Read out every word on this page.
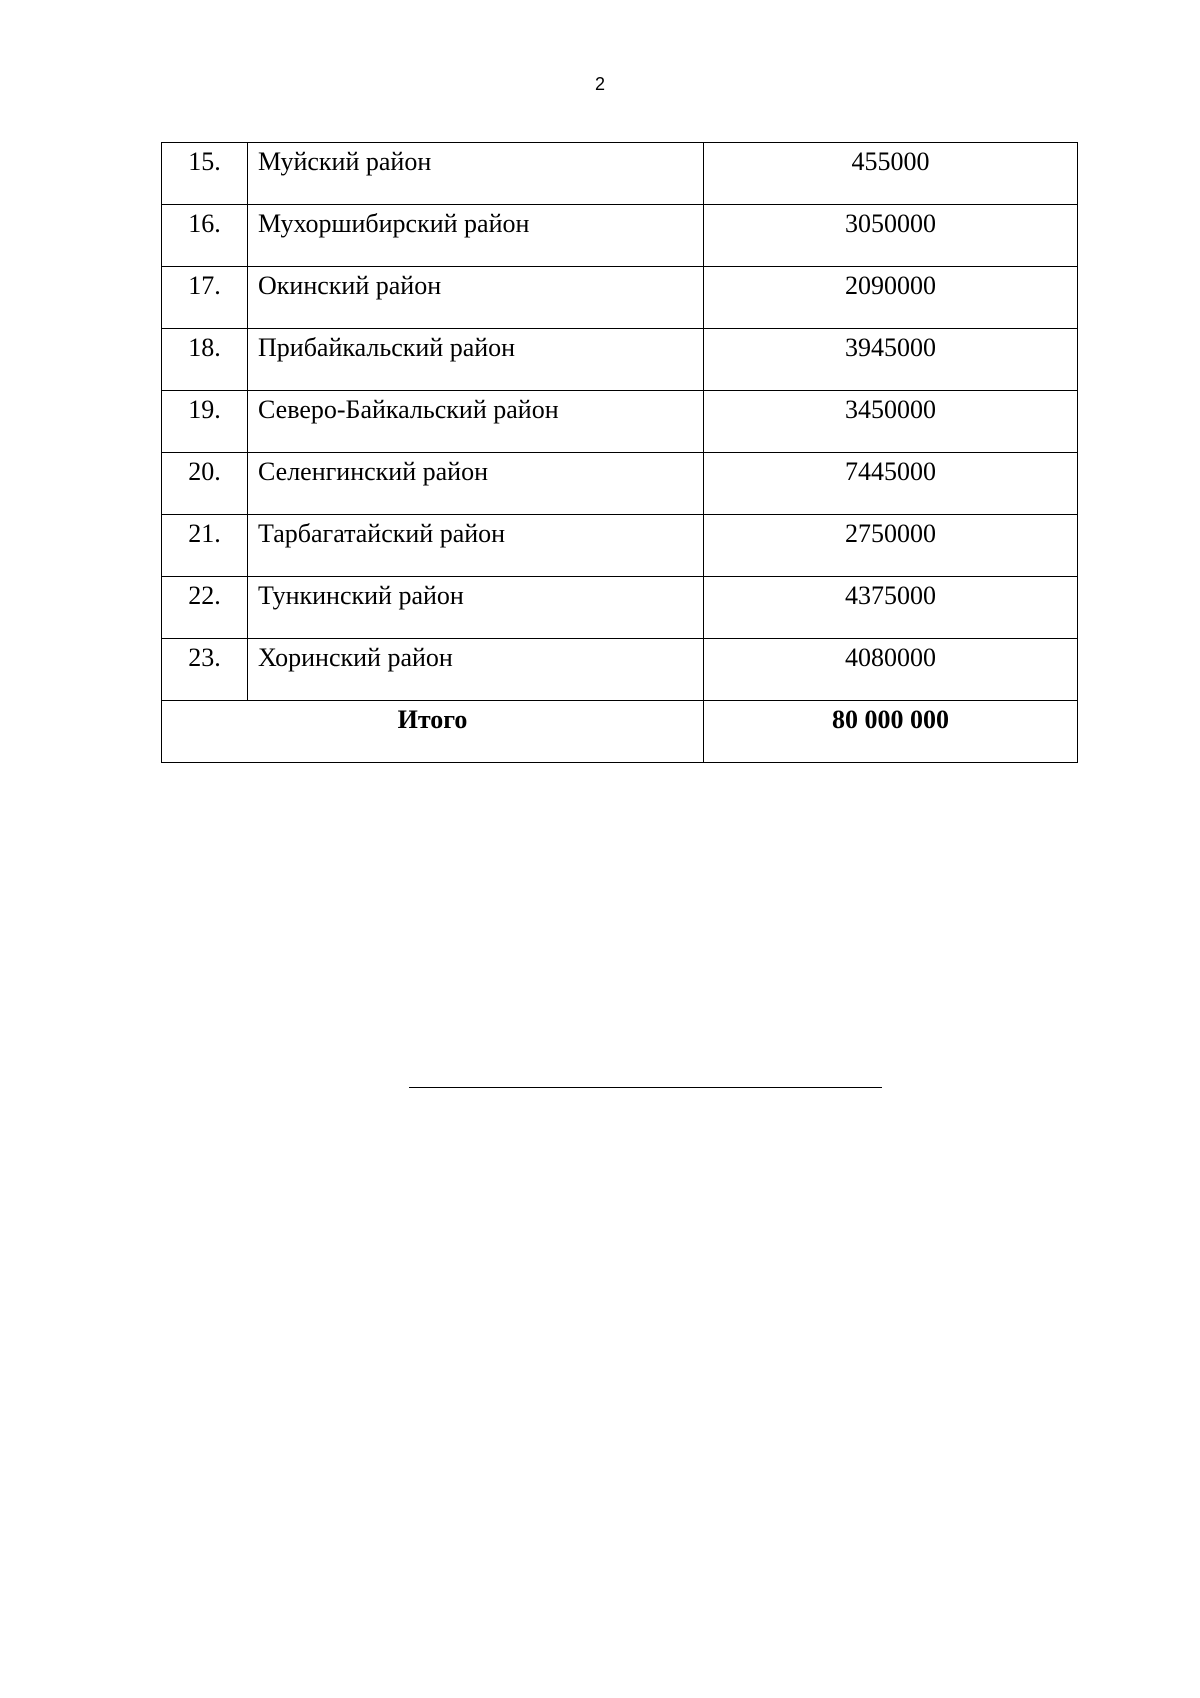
2
15.	Муйский район	455000
16.	Мухоршибирский район	3050000
17.	Окинский район	2090000
18.	Прибайкальский район	3945000
19.	Северо-Байкальский район	3450000
20.	Селенгинский район	7445000
21.	Тарбагатайский район	2750000
22.	Тункинский район	4375000
23.	Хоринский район	4080000
Итого		80 000 000
